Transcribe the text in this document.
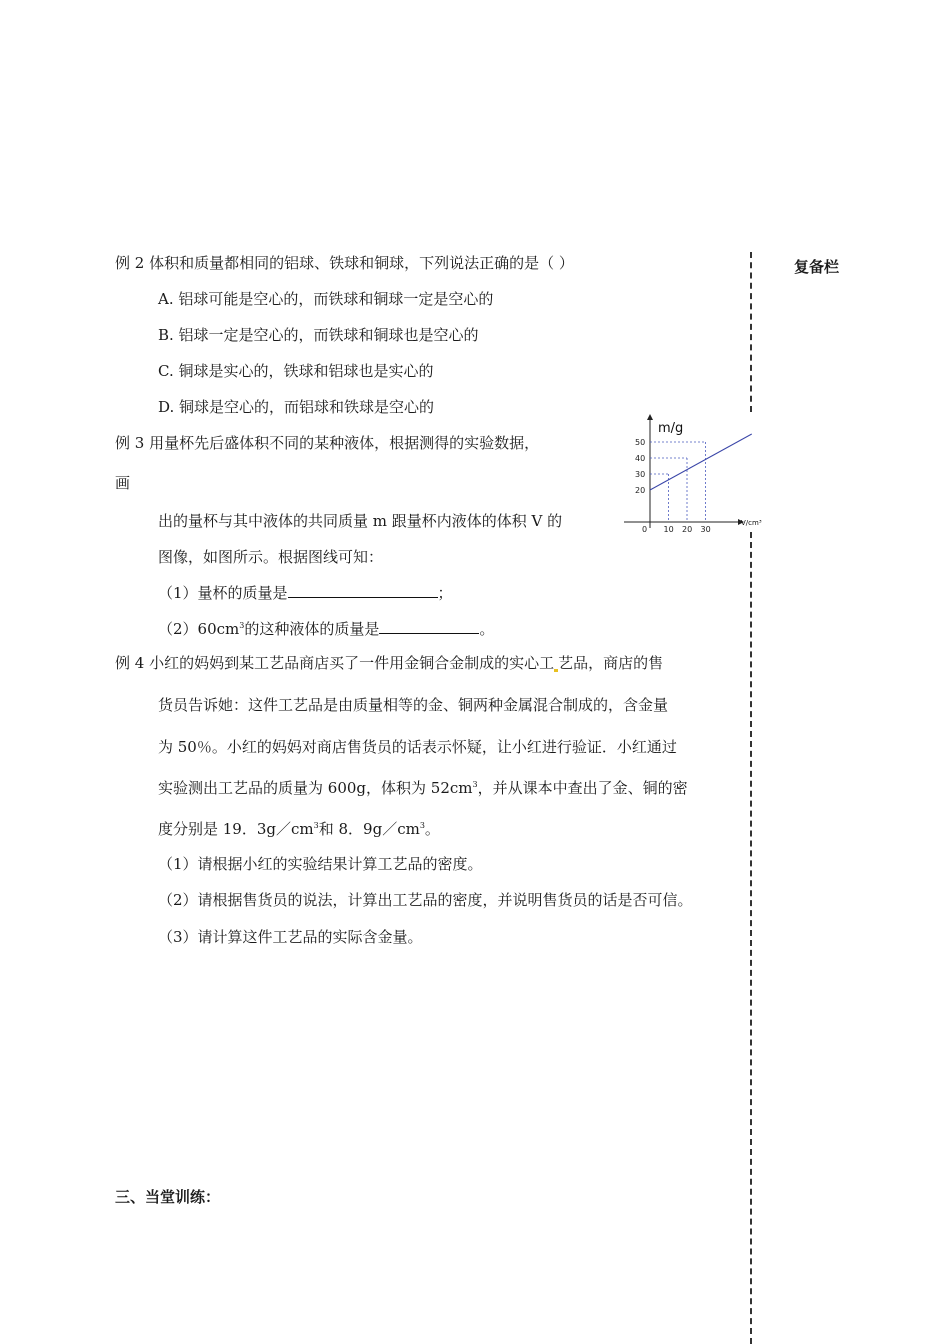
复备栏
例 2 体积和质量都相同的铝球、铁球和铜球，下列说法正确的是（ ）
A. 铝球可能是空心的，而铁球和铜球一定是空心的
B. 铝球一定是空心的，而铁球和铜球也是空心的
C. 铜球是实心的，铁球和铝球也是实心的
D. 铜球是空心的，而铝球和铁球是空心的
例 3 用量杯先后盛体积不同的某种液体，根据测得的实验数据，
画
出的量杯与其中液体的共同质量 m 跟量杯内液体的体积 V 的
图像，如图所示。根据图线可知：
（1）量杯的质量是	；
$(2)60cm^3$的这种液体的质量是	。
0 10 20 30
20
30
40
50
m/g
V/cm³
例 4 小红的妈妈到某工艺品商店买了一件用金铜合金制成的实心工 艺品，商店的售
货员告诉她：这件工艺品是由质量相等的金、铜两种金属混合制成的，含金量
为 50％。小红的妈妈对商店售货员的话表示怀疑，让小红进行验证．小红通过
实验测出工艺品的质量为 600g，体积为 $52cm^3$，并从课本中查出了金、铜的密
度分别是 19．$3g/cm^3$和 8．$9g/cm^3$。
（1）请根据小红的实验结果计算工艺品的密度。
（2）请根据售货员的说法，计算出工艺品的密度，并说明售货员的话是否可信。
（3）请计算这件工艺品的实际含金量。
三、当堂训练：
